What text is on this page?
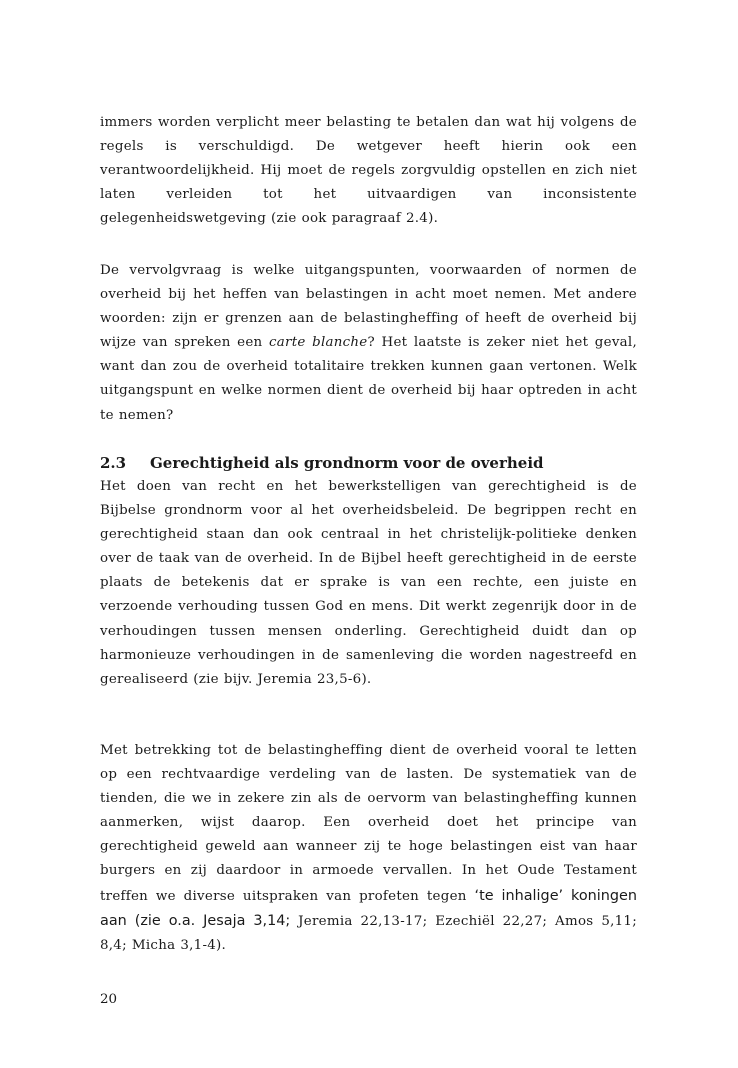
immers worden verplicht meer belasting te betalen dan wat hij volgens de regels is verschuldigd. De wetgever heeft hierin ook een verantwoordelijkheid. Hij moet de regels zorgvuldig opstellen en zich niet laten verleiden tot het uitvaardigen van inconsistente gelegenheidswetgeving (zie ook paragraaf 2.4).

De vervolgvraag is welke uitgangspunten, voorwaarden of normen de overheid bij het heffen van belastingen in acht moet nemen. Met andere woorden: zijn er grenzen aan de belastingheffing of heeft de overheid bij wijze van spreken een carte blanche? Het laatste is zeker niet het geval, want dan zou de overheid totalitaire trekken kunnen gaan vertonen. Welk uitgangspunt en welke normen dient de overheid bij haar optreden in acht te nemen?

2.3 Gerechtigheid als grondnorm voor de overheid

Het doen van recht en het bewerkstelligen van gerechtigheid is de Bijbelse grondnorm voor al het overheidsbeleid. De begrippen recht en gerechtigheid staan dan ook centraal in het christelijk-politieke denken over de taak van de overheid. In de Bijbel heeft gerechtigheid in de eerste plaats de betekenis dat er sprake is van een rechte, een juiste en verzoende verhouding tussen God en mens. Dit werkt zegenrijk door in de verhoudingen tussen mensen onderling. Gerechtigheid duidt dan op harmonieuze verhoudingen in de samenleving die worden nagestreefd en gerealiseerd (zie bijv. Jeremia 23,5-6).

Met betrekking tot de belastingheffing dient de overheid vooral te letten op een rechtvaardige verdeling van de lasten. De systematiek van de tienden, die we in zekere zin als de oervorm van belastingheffing kunnen aanmerken, wijst daarop. Een overheid doet het principe van gerechtigheid geweld aan wanneer zij te hoge belastingen eist van haar burgers en zij daardoor in armoede vervallen. In het Oude Testament treffen we diverse uitspraken van profeten tegen ‘te inhalige’ koningen aan (zie o.a. Jesaja 3,14; Jeremia 22,13-17; Ezechiël 22,27; Amos 5,11; 8,4; Micha 3,1-4).

20
